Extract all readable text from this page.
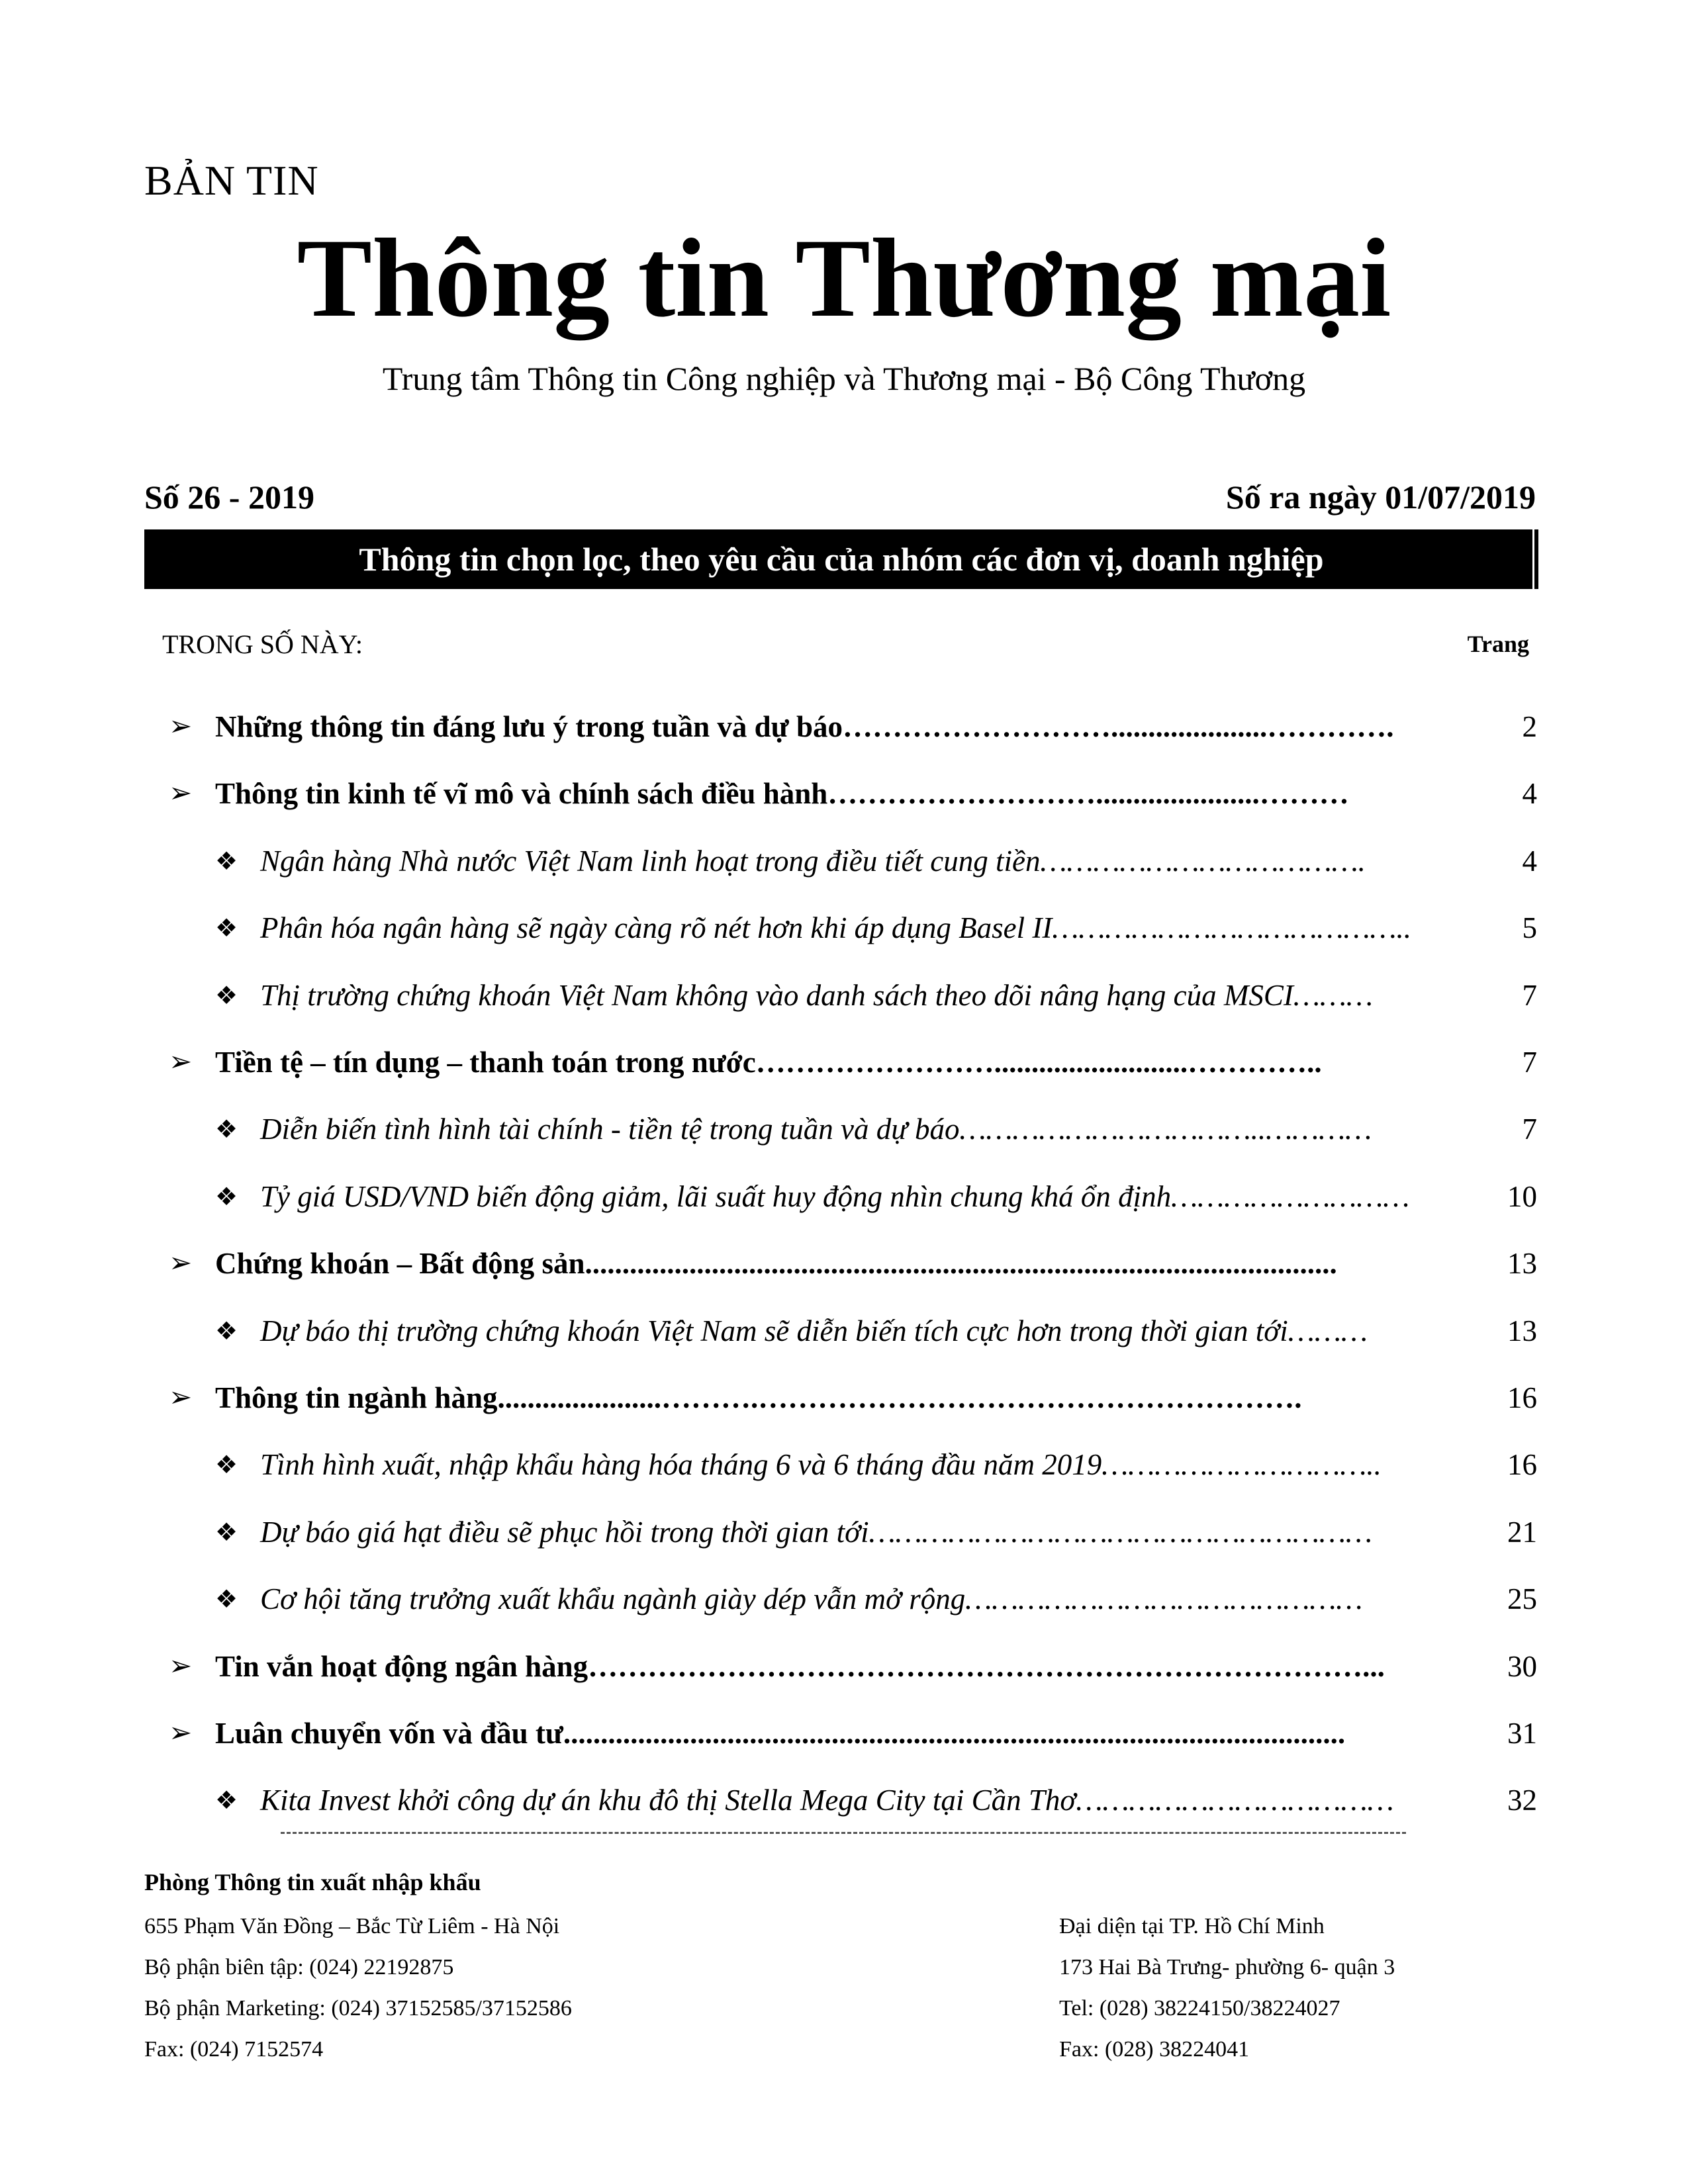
BẢN TIN
Thông tin Thương mại
Trung tâm Thông tin Công nghiệp và Thương mại - Bộ Công Thương
Số 26 - 2019	Số ra ngày 01/07/2019
Thông tin chọn lọc, theo yêu cầu của nhóm các đơn vị, doanh nghiệp
TRONG SỐ NÀY:	Trang
➢ Những thông tin đáng lưu ý trong tuần và dự báo……………………….....................………….	2
➢ Thông tin kinh tế vĩ mô và chính sách điều hành………………………......................………	4
❖ Ngân hàng Nhà nước Việt Nam linh hoạt trong điều tiết cung tiền……………………………….	4
❖ Phân hóa ngân hàng sẽ ngày càng rõ nét hơn khi áp dụng Basel II…………………………………..	5
❖ Thị trường chứng khoán Việt Nam không vào danh sách theo dõi nâng hạng của MSCI………	7
➢ Tiền tệ – tín dụng – thanh toán trong nước……………………..........................…………..	7
❖ Diễn biến tình hình tài chính - tiền tệ trong tuần và dự báo……………………………..…………	7
❖ Tỷ giá USD/VND biến động giảm, lãi suất huy động nhìn chung khá ổn định………………………	10
➢ Chứng khoán – Bất động sản.....................................................................................................	13
❖ Dự báo thị trường chứng khoán Việt Nam sẽ diễn biến tích cực hơn trong thời gian tới………	13
➢ Thông tin ngành hàng......................……….……………………………………………….	16
❖ Tình hình xuất, nhập khẩu hàng hóa tháng 6 và 6 tháng đầu năm 2019…………………………..	16
❖ Dự báo giá hạt điều sẽ phục hồi trong thời gian tới…………………………………………………	21
❖ Cơ hội tăng trưởng xuất khẩu ngành giày dép vẫn mở rộng………………………………………	25
➢ Tin vắn hoạt động ngân hàng……………………………………………………………………...	30
➢ Luân chuyển vốn và đầu tư.........................................................................................................	31
❖ Kita Invest khởi công dự án khu đô thị Stella Mega City tại Cần Thơ………………………………	32
Phòng Thông tin xuất nhập khẩu
655 Phạm Văn Đồng – Bắc Từ Liêm - Hà Nội
Bộ phận biên tập: (024) 22192875
Bộ phận Marketing: (024) 37152585/37152586
Fax: (024) 7152574
Đại diện tại TP. Hồ Chí Minh
173 Hai Bà Trưng- phường 6- quận 3
Tel: (028) 38224150/38224027
Fax: (028) 38224041
